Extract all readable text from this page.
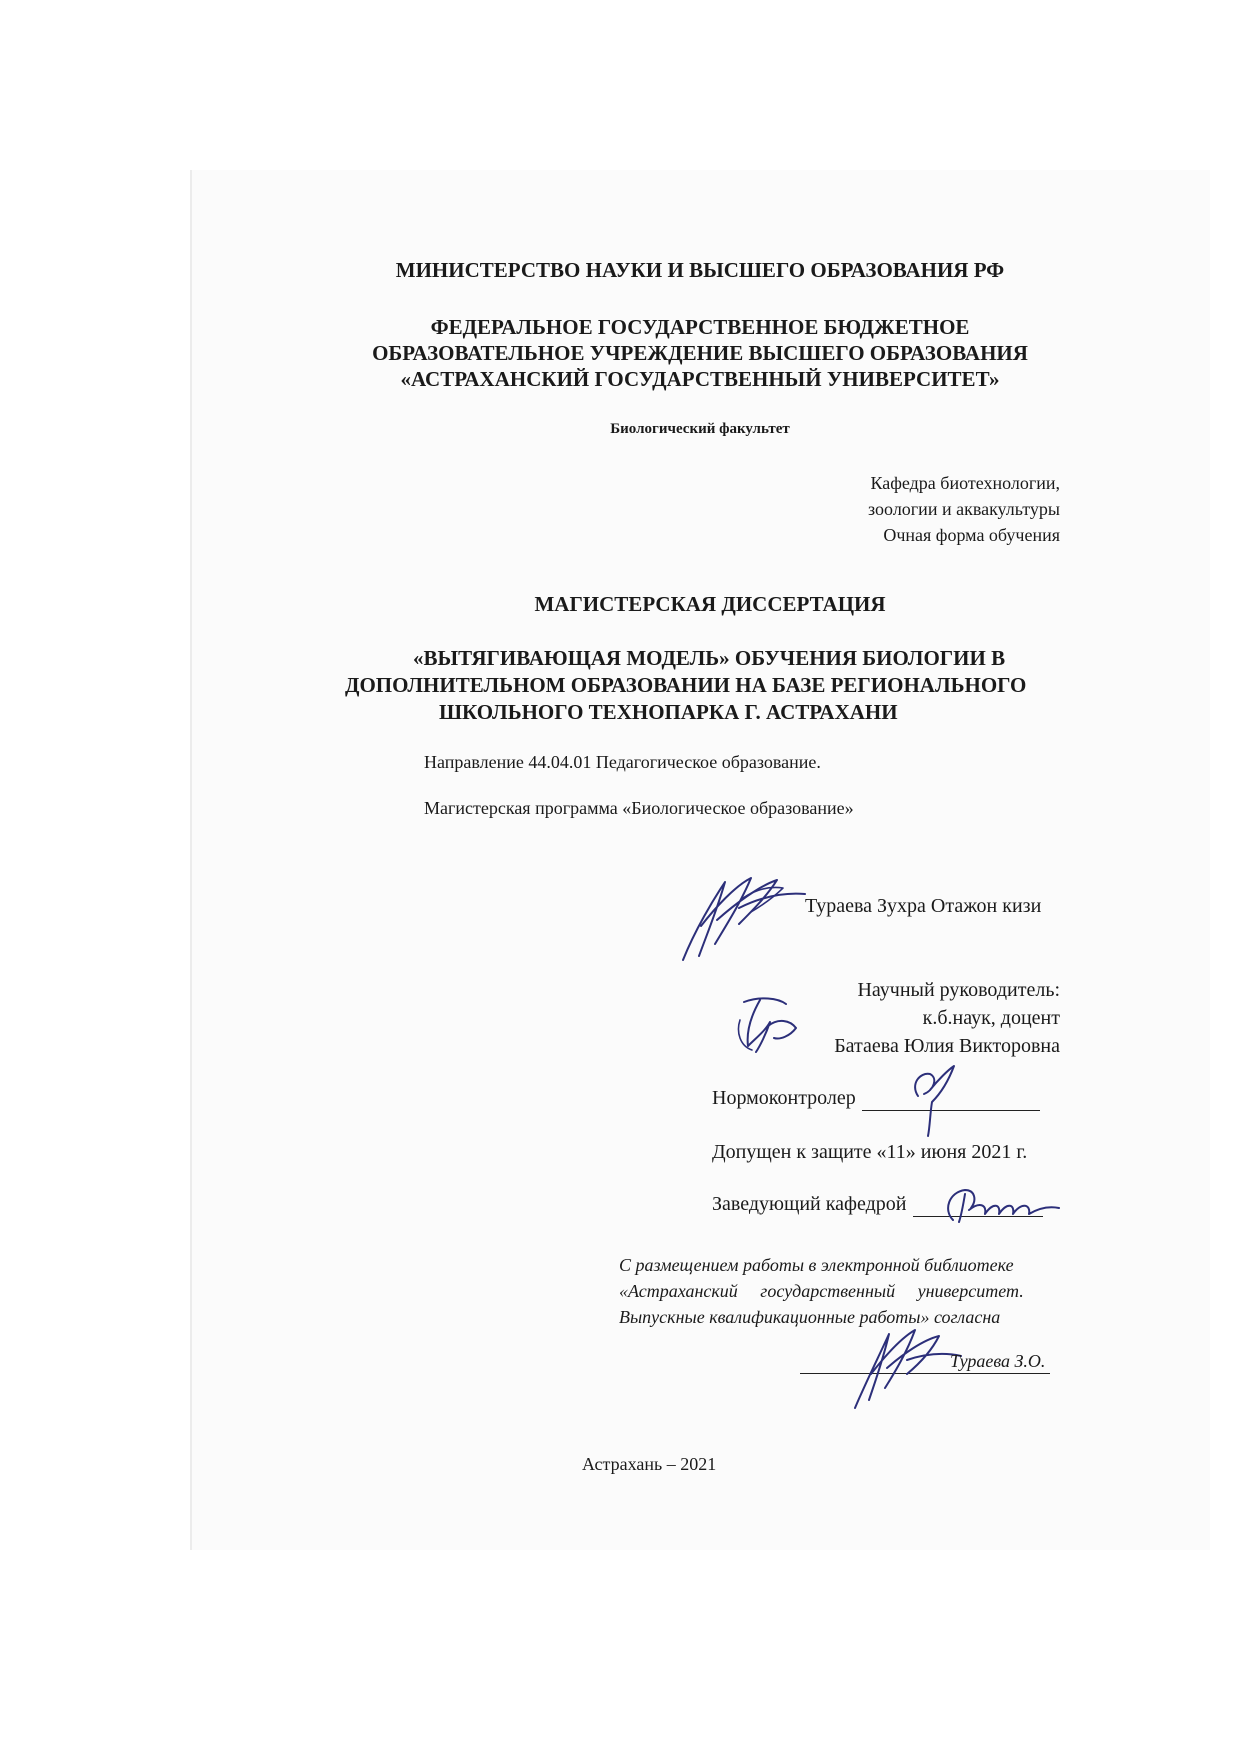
МИНИСТЕРСТВО НАУКИ И ВЫСШЕГО ОБРАЗОВАНИЯ РФ

ФЕДЕРАЛЬНОЕ ГОСУДАРСТВЕННОЕ БЮДЖЕТНОЕ

ОБРАЗОВАТЕЛЬНОЕ УЧРЕЖДЕНИЕ ВЫСШЕГО ОБРАЗОВАНИЯ

«АСТРАХАНСКИЙ ГОСУДАРСТВЕННЫЙ УНИВЕРСИТЕТ»

Биологический факультет

Кафедра биотехнологии,
зоологии и аквакультуры
Очная форма обучения

МАГИСТЕРСКАЯ ДИССЕРТАЦИЯ

«ВЫТЯГИВАЮЩАЯ МОДЕЛЬ» ОБУЧЕНИЯ БИОЛОГИИ В

ДОПОЛНИТЕЛЬНОМ ОБРАЗОВАНИИ НА БАЗЕ РЕГИОНАЛЬНОГО

ШКОЛЬНОГО ТЕХНОПАРКА Г. АСТРАХАНИ

Направление 44.04.01 Педагогическое образование.

Магистерская программа «Биологическое образование»

Тураева Зухра Отажон кизи

Научный руководитель:
к.б.наук, доцент
Батаева Юлия Викторовна

Нормоконтролер

Допущен к защите «11» июня 2021 г.

Заведующий кафедрой

С размещением работы в электронной библиотеке
«Астраханский     государственный     университет.
Выпускные квалификационные работы» согласна

Тураева З.О.

Астрахань – 2021
